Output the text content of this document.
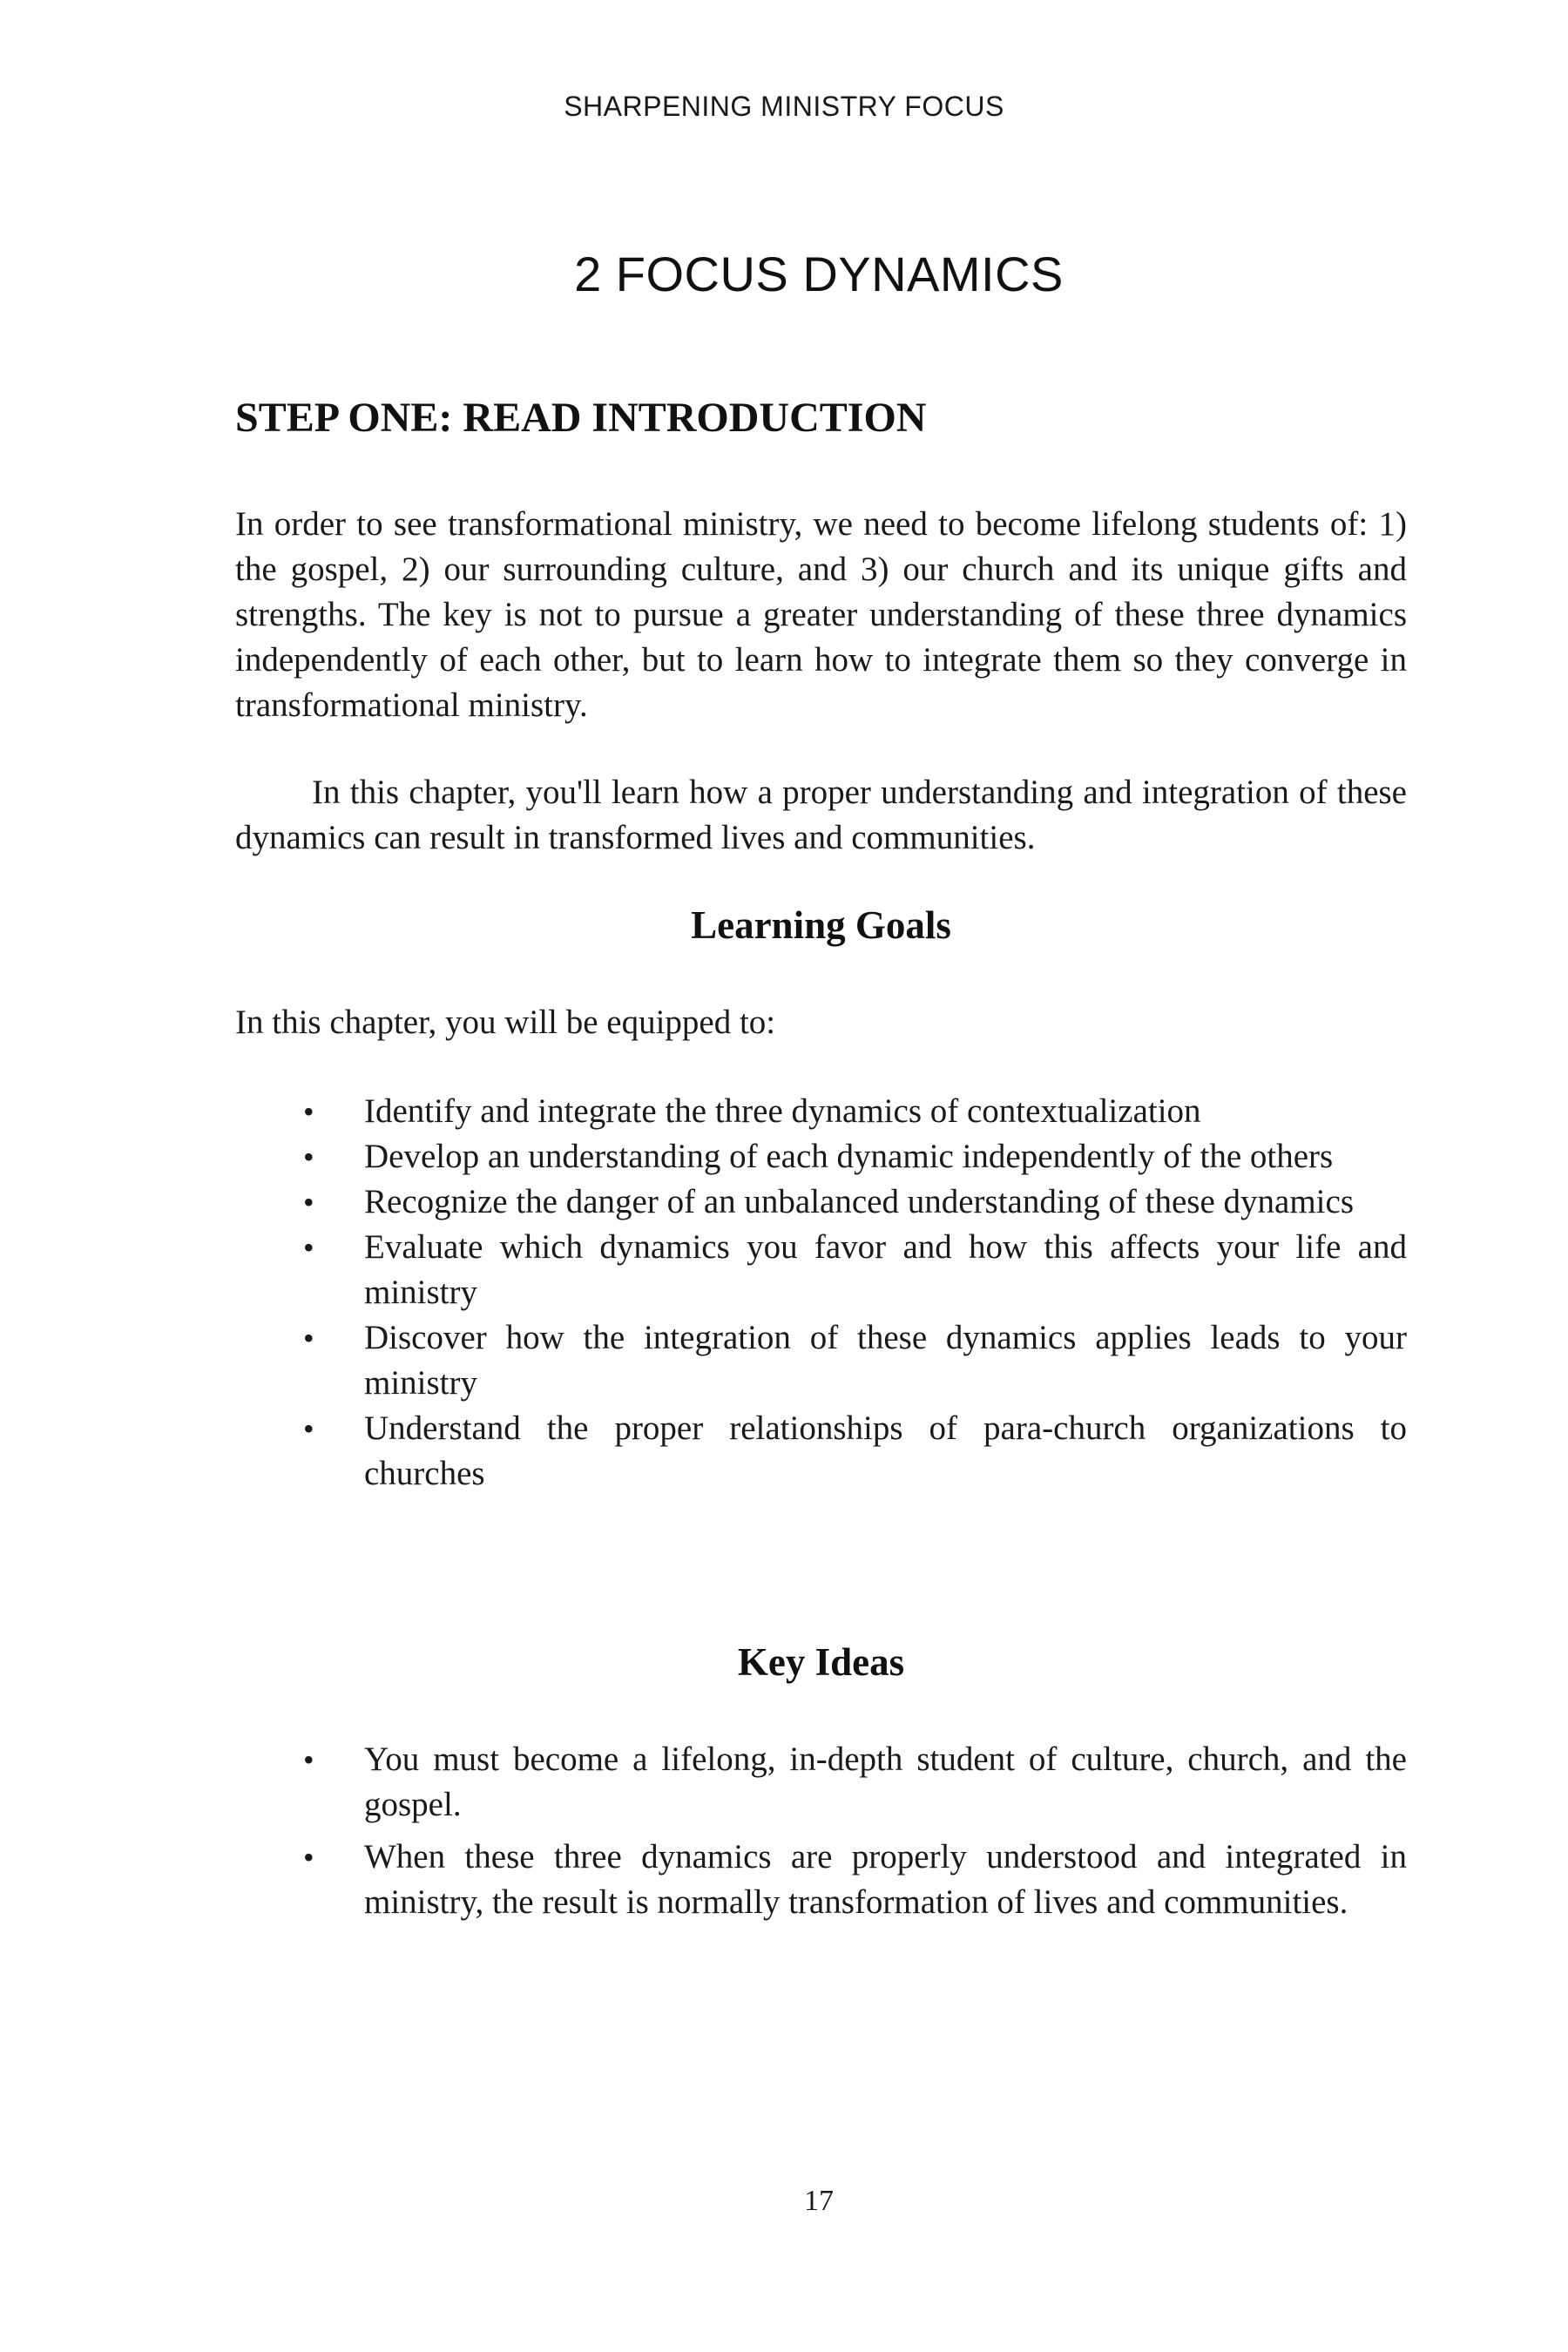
SHARPENING MINISTRY FOCUS
2 FOCUS DYNAMICS
STEP ONE: READ INTRODUCTION

In order to see transformational ministry, we need to become lifelong students of: 1) the gospel, 2) our surrounding culture, and 3) our church and its unique gifts and strengths. The key is not to pursue a greater understanding of these three dynamics independently of each other, but to learn how to integrate them so they converge in transformational ministry.

In this chapter, you'll learn how a proper understanding and integration of these dynamics can result in transformed lives and communities.

Learning Goals

In this chapter, you will be equipped to:

• Identify and integrate the three dynamics of contextualization
• Develop an understanding of each dynamic independently of the others
• Recognize the danger of an unbalanced understanding of these dynamics
• Evaluate which dynamics you favor and how this affects your life and ministry
• Discover how the integration of these dynamics applies leads to your ministry
• Understand the proper relationships of para-church organizations to churches
Key Ideas
• You must become a lifelong, in-depth student of culture, church, and the gospel.
• When these three dynamics are properly understood and integrated in ministry, the result is normally transformation of lives and communities.
17
